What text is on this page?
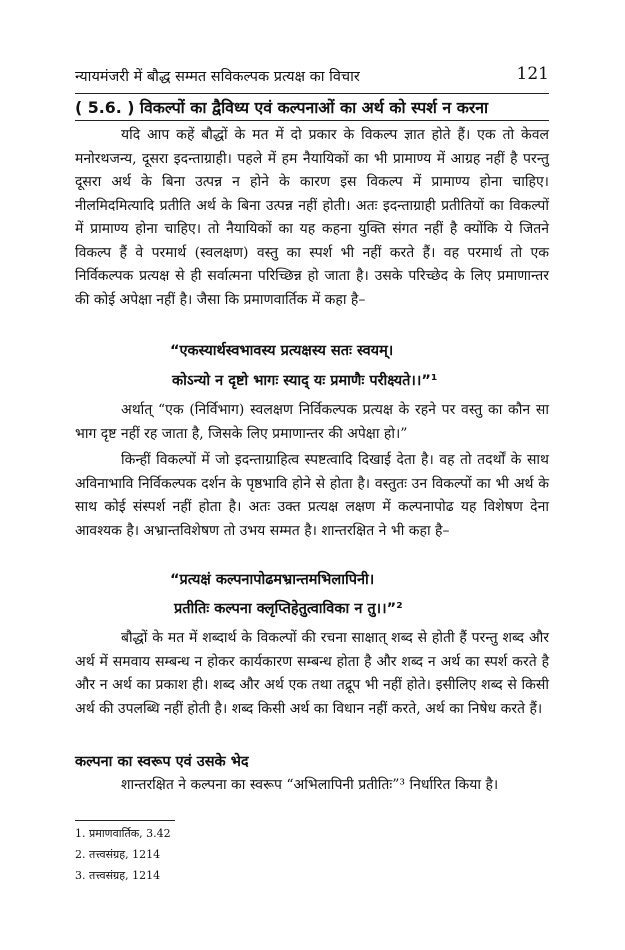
न्यायमंजरी में बौद्ध सम्मत सविकल्पक प्रत्यक्ष का विचार	121
( 5.6. ) विकल्पों का द्वैविध्य एवं कल्पनाओं का अर्थ को स्पर्श न करना

यदि आप कहें बौद्धों के मत में दो प्रकार के विकल्प ज्ञात होते हैं। एक तो केवल मनोरथजन्य, दूसरा इदन्ताग्राही। पहले में हम नैयायिकों का भी प्रामाण्य में आग्रह नहीं है परन्तु दूसरा अर्थ के बिना उत्पन्न न होने के कारण इस विकल्प में प्रामाण्य होना चाहिए। नीलमिदमित्यादि प्रतीति अर्थ के बिना उत्पन्न नहीं होती। अतः इदन्ताग्राही प्रतीतियों का विकल्पों में प्रामाण्य होना चाहिए। तो नैयायिकों का यह कहना युक्ति संगत नहीं है क्योंकि ये जितने विकल्प हैं वे परमार्थ (स्वलक्षण) वस्तु का स्पर्श भी नहीं करते हैं। वह परमार्थ तो एक निर्विकल्पक प्रत्यक्ष से ही सर्वात्मना परिच्छिन्न हो जाता है। उसके परिच्छेद के लिए प्रमाणान्तर की कोई अपेक्षा नहीं है। जैसा कि प्रमाणवार्तिक में कहा है–

“एकस्यार्थस्वभावस्य प्रत्यक्षस्य सतः स्वयम्।
कोऽन्यो न दृष्टो भागः स्याद् यः प्रमाणैः परीक्ष्यते।।”¹

अर्थात् “एक (निर्विभाग) स्वलक्षण निर्विकल्पक प्रत्यक्ष के रहने पर वस्तु का कौन सा भाग दृष्ट नहीं रह जाता है, जिसके लिए प्रमाणान्तर की अपेक्षा हो।”

किन्हीं विकल्पों में जो इदन्ताग्राहित्व स्पष्टत्वादि दिखाई देता है। वह तो तदर्थों के साथ अविनाभावि निर्विकल्पक दर्शन के पृष्ठभावि होने से होता है। वस्तुतः उन विकल्पों का भी अर्थ के साथ कोई संस्पर्श नहीं होता है। अतः उक्त प्रत्यक्ष लक्षण में कल्पनापोढ यह विशेषण देना आवश्यक है। अभ्रान्तविशेषण तो उभय सम्मत है। शान्तरक्षित ने भी कहा है–

“प्रत्यक्षं कल्पनापोढमभ्रान्तमभिलापिनी।
प्रतीतिः कल्पना क्लृप्तिहेतुत्वाविका न तु।।”²

बौद्धों के मत में शब्दार्थ के विकल्पों की रचना साक्षात् शब्द से होती हैं परन्तु शब्द और अर्थ में समवाय सम्बन्ध न होकर कार्यकारण सम्बन्ध होता है और शब्द न अर्थ का स्पर्श करते है और न अर्थ का प्रकाश ही। शब्द और अर्थ एक तथा तद्रूप भी नहीं होते। इसीलिए शब्द से किसी अर्थ की उपलब्धि नहीं होती है। शब्द किसी अर्थ का विधान नहीं करते, अर्थ का निषेध करते हैं।

कल्पना का स्वरूप एवं उसके भेद

शान्तरक्षित ने कल्पना का स्वरूप “अभिलापिनी प्रतीतिः”³ निर्धारित किया है।

1. प्रमाणवार्तिक, 3.42
2. तत्त्वसंग्रह, 1214
3. तत्त्वसंग्रह, 1214
